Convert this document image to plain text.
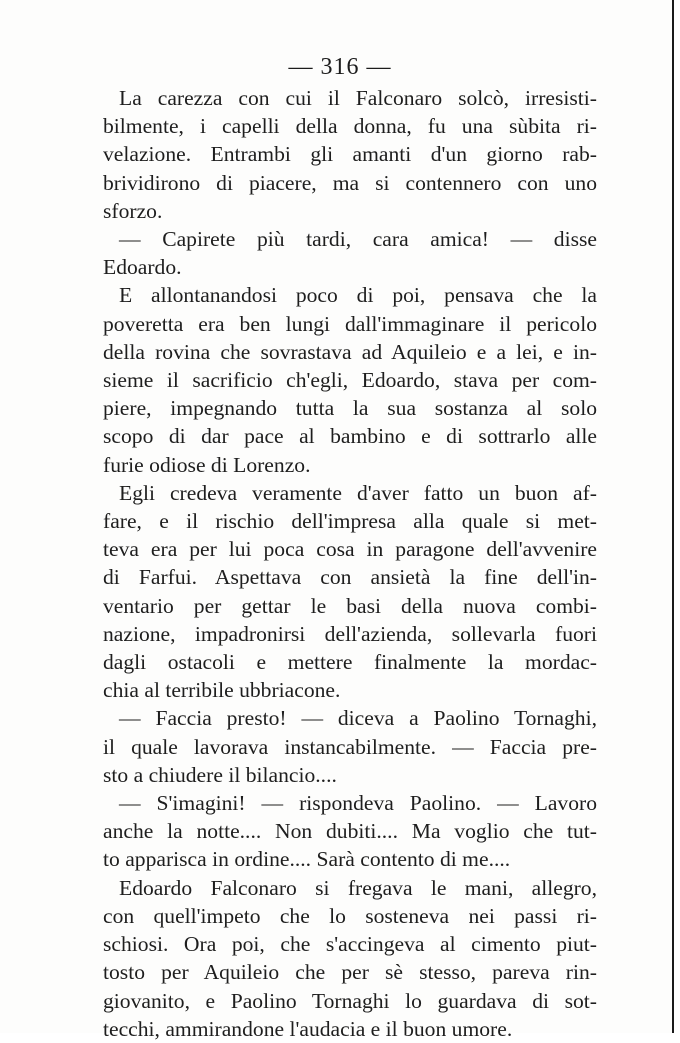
— 316 —
La carezza con cui il Falconaro solcò, irresisti-
bilmente, i capelli della donna, fu una sùbita ri-
velazione. Entrambi gli amanti d'un giorno rab-
brividirono di piacere, ma si contennero con uno
sforzo.
— Capirete più tardi, cara amica! — disse
Edoardo.
E allontanandosi poco di poi, pensava che la
poveretta era ben lungi dall'immaginare il pericolo
della rovina che sovrastava ad Aquileio e a lei, e in-
sieme il sacrificio ch'egli, Edoardo, stava per com-
piere, impegnando tutta la sua sostanza al solo
scopo di dar pace al bambino e di sottrarlo alle
furie odiose di Lorenzo.
Egli credeva veramente d'aver fatto un buon af-
fare, e il rischio dell'impresa alla quale si met-
teva era per lui poca cosa in paragone dell'avvenire
di Farfui. Aspettava con ansietà la fine dell'in-
ventario per gettar le basi della nuova combi-
nazione, impadronirsi dell'azienda, sollevarla fuori
dagli ostacoli e mettere finalmente la mordac-
chia al terribile ubbriacone.
— Faccia presto! — diceva a Paolino Tornaghi,
il quale lavorava instancabilmente. — Faccia pre-
sto a chiudere il bilancio....
— S'imagini! — rispondeva Paolino. — Lavoro
anche la notte.... Non dubiti.... Ma voglio che tut-
to apparisca in ordine.... Sarà contento di me....
Edoardo Falconaro si fregava le mani, allegro,
con quell'impeto che lo sosteneva nei passi ri-
schiosi. Ora poi, che s'accingeva al cimento piut-
tosto per Aquileio che per sè stesso, pareva rin-
giovanito, e Paolino Tornaghi lo guardava di sot-
tecchi, ammirandone l'audacia e il buon umore.
